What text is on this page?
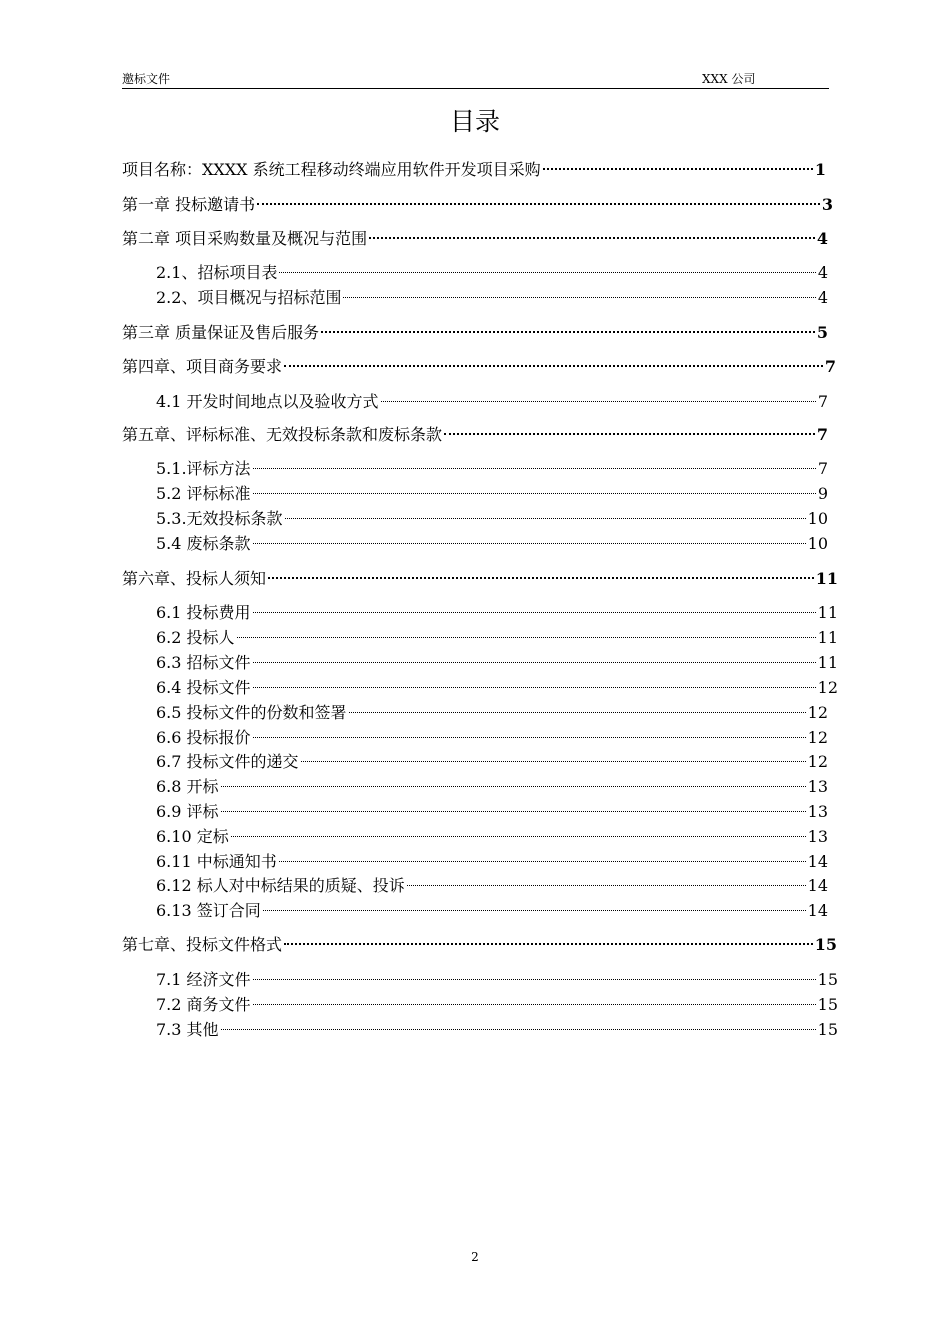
邀标文件	XXX 公司
目录
项目名称：XXXX 系统工程移动终端应用软件开发项目采购	1
第一章 投标邀请书	3
第二章 项目采购数量及概况与范围	4
2.1、招标项目表	4
2.2、项目概况与招标范围	4
第三章 质量保证及售后服务	5
第四章、项目商务要求	7
4.1 开发时间地点以及验收方式	7
第五章、评标标准、无效投标条款和废标条款	7
5.1.评标方法	7
5.2 评标标准	9
5.3.无效投标条款	10
5.4 废标条款	10
第六章、投标人须知	11
6.1 投标费用	11
6.2 投标人	11
6.3 招标文件	11
6.4 投标文件	12
6.5 投标文件的份数和签署	12
6.6 投标报价	12
6.7 投标文件的递交	12
6.8 开标	13
6.9 评标	13
6.10 定标	13
6.11 中标通知书	14
6.12 标人对中标结果的质疑、投诉	14
6.13 签订合同	14
第七章、投标文件格式	15
7.1 经济文件	15
7.2 商务文件	15
7.3 其他	15
2
